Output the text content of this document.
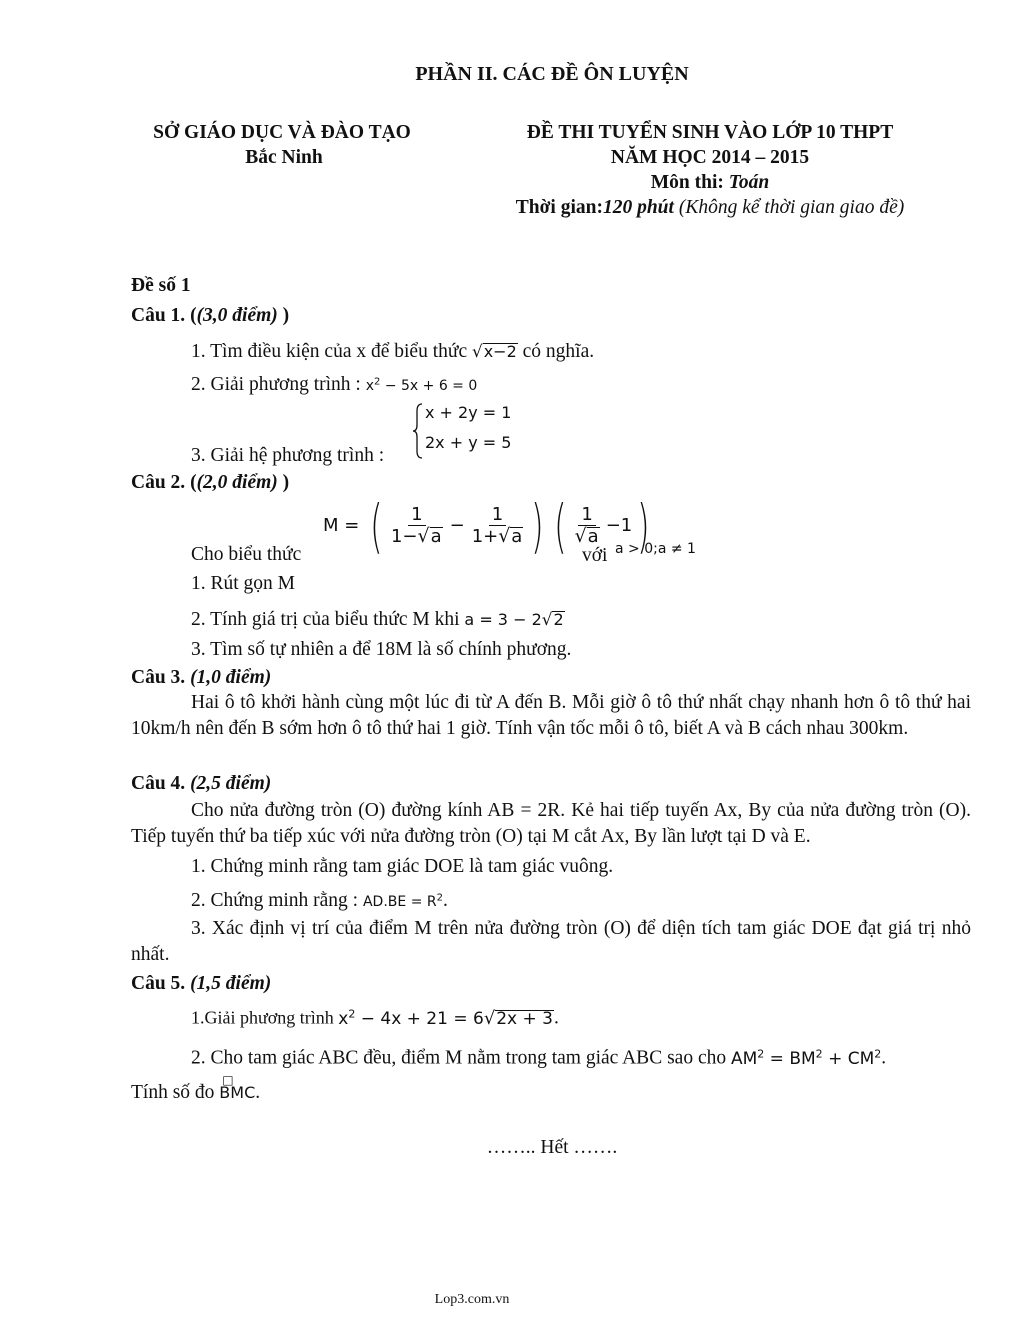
PHẦN II. CÁC ĐỀ ÔN LUYỆN
SỞ GIÁO DỤC VÀ ĐÀO TẠO
Bắc Ninh
ĐỀ THI TUYỂN SINH VÀO LỚP 10 THPT
NĂM HỌC 2014 – 2015
Môn thi: Toán
Thời gian:120 phút (Không kể thời gian giao đề)
Đề số 1
Câu 1. ((3,0 điểm) )
1. Tìm điều kiện của x để biểu thức √ x−2 có nghĩa.
2. Giải phương trình : $x^2 - 5x + 6 = 0$
x + 2y = 1
2x + y = 5
3. Giải hệ phương trình :
Câu 2. ((2,0 điểm) )
Cho biểu thức
M = ( $\frac{1}{1- √ a} - \frac{1}{1+ √ a}$ ) ( $\frac{1}{√ a} -1$ )
với a > 0;a ≠ 1
1. Rút gọn M
2. Tính giá trị của biểu thức M khi a = 3 − 2 √ 2
3. Tìm số tự nhiên a để 18M là số chính phương.
Câu 3. (1,0 điểm)
Hai ô tô khởi hành cùng một lúc đi từ A đến B. Mỗi giờ ô tô thứ nhất chạy nhanh hơn ô tô thứ hai 10km/h nên đến B sớm hơn ô tô thứ hai 1 giờ. Tính vận tốc mỗi ô tô, biết A và B cách nhau 300km.
Câu 4. (2,5 điểm)
Cho nửa đường tròn (O) đường kính AB = 2R. Kẻ hai tiếp tuyến Ax, By của nửa đường tròn (O). Tiếp tuyến thứ ba tiếp xúc với nửa đường tròn (O) tại M cắt Ax, By lần lượt tại D và E.
1. Chứng minh rằng tam giác DOE là tam giác vuông.
2. Chứng minh rằng : $AD.BE = R^2$.
3. Xác định vị trí của điểm M trên nửa đường tròn (O) để diện tích tam giác DOE đạt giá trị nhỏ nhất.
Câu 5. (1,5 điểm)
1.Giải phương trình $x^2 - 4x + 21 = 6$ √ 2x + 3 .
2. Cho tam giác ABC đều, điểm M nằm trong tam giác ABC sao cho $AM^2 = BM^2 + CM^2$.
Tính số đo
□
BMC.
…….. Hết …….
Lop3.com.vn
